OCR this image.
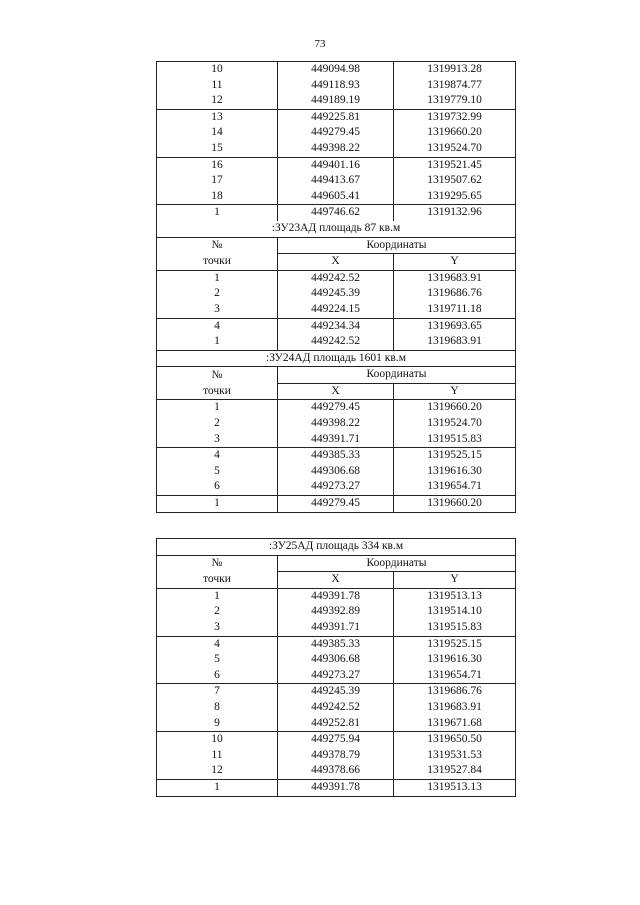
73
10	449094.98	1319913.28
11	449118.93	1319874.77
12	449189.19	1319779.10
13	449225.81	1319732.99
14	449279.45	1319660.20
15	449398.22	1319524.70
16	449401.16	1319521.45
17	449413.67	1319507.62
18	449605.41	1319295.65
1	449746.62	1319132.96
:ЗУ23АД площадь 87 кв.м		
№	Координаты	
точки	X	Y
1	449242.52	1319683.91
2	449245.39	1319686.76
3	449224.15	1319711.18
4	449234.34	1319693.65
1	449242.52	1319683.91
:ЗУ24АД площадь 1601 кв.м		
№	Координаты	
точки	X	Y
1	449279.45	1319660.20
2	449398.22	1319524.70
3	449391.71	1319515.83
4	449385.33	1319525.15
5	449306.68	1319616.30
6	449273.27	1319654.71
1	449279.45	1319660.20
:ЗУ25АД площадь 334 кв.м		
№	Координаты	
точки	X	Y
1	449391.78	1319513.13
2	449392.89	1319514.10
3	449391.71	1319515.83
4	449385.33	1319525.15
5	449306.68	1319616.30
6	449273.27	1319654.71
7	449245.39	1319686.76
8	449242.52	1319683.91
9	449252.81	1319671.68
10	449275.94	1319650.50
11	449378.79	1319531.53
12	449378.66	1319527.84
1	449391.78	1319513.13
